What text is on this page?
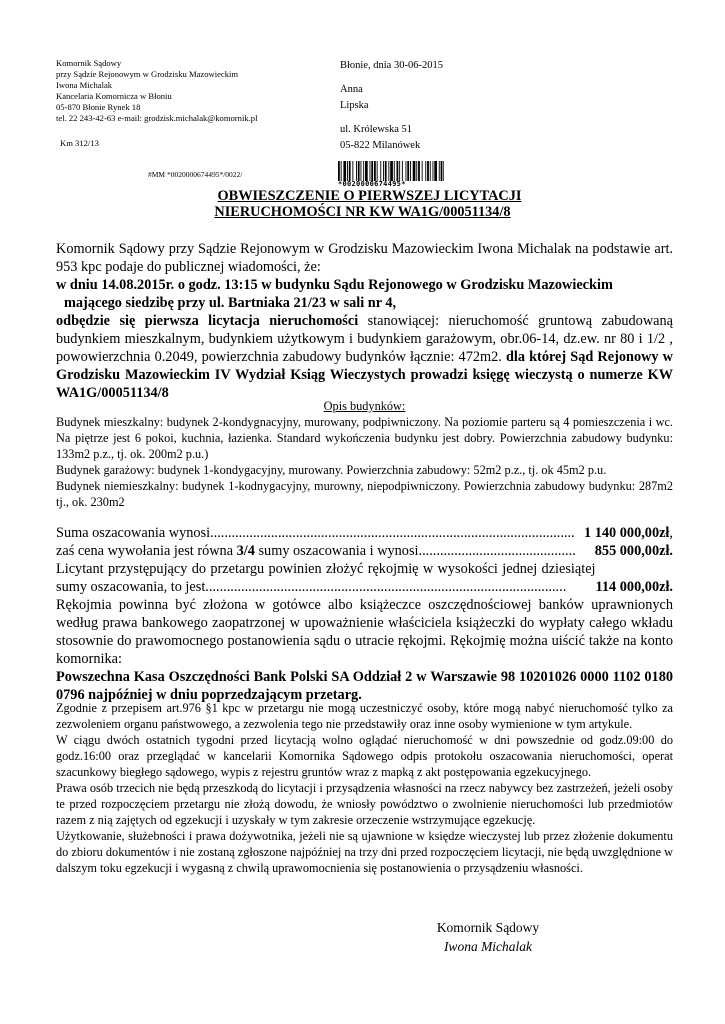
Komornik Sądowy
przy Sądzie Rejonowym w Grodzisku Mazowieckim
Iwona Michalak
Kancelaria Komornicza w Błoniu
05-870 Błonie Rynek 18
tel. 22 243-42-63 e-mail: grodzisk.michalak@komornik.pl
Km 312/13
Błonie, dnia 30-06-2015
Anna
Lipska
ul. Królewska 51
05-822 Milanówek
*0020000674495*
#MM *0020000674495*/0022/
OBWIESZCZENIE O PIERWSZEJ LICYTACJI
NIERUCHOMOŚCI NR KW WA1G/00051134/8

Komornik Sądowy przy Sądzie Rejonowym w Grodzisku Mazowieckim Iwona Michalak na podstawie art. 953 kpc podaje do publicznej wiadomości, że:

w dniu 14.08.2015r. o godz. 13:15 w budynku Sądu Rejonowego w Grodzisku Mazowieckim

mającego siedzibę przy ul. Bartniaka 21/23 w sali nr 4,

odbędzie się pierwsza licytacja nieruchomości stanowiącej: nieruchomość gruntową zabudowaną budynkiem mieszkalnym, budynkiem użytkowym i budynkiem garażowym, obr.06-14, dz.ew. nr 80 i 1/2 , powowierzchnia 0.2049, powierzchnia zabudowy budynków łącznie: 472m2. dla której Sąd Rejonowy w Grodzisku Mazowieckim IV Wydział Ksiąg Wieczystych prowadzi księgę wieczystą o numerze KW WA1G/00051134/8

Opis budynków:

Budynek mieszkalny: budynek 2-kondygnacyjny, murowany, podpiwniczony. Na poziomie parteru są 4 pomieszczenia i wc. Na piętrze jest 6 pokoi, kuchnia, łazienka. Standard wykończenia budynku jest dobry. Powierzchnia zabudowy budynku: 133m2 p.z., tj. ok. 200m2 p.u.)

Budynek garażowy: budynek 1-kondygacyjny, murowany. Powierzchnia zabudowy: 52m2 p.z., tj. ok 45m2 p.u.

Budynek niemieszkalny: budynek 1-kodnygacyjny, murowny, niepodpiwniczony. Powierzchnia zabudowy budynku: 287m2 tj., ok. 230m2

Suma oszacowania wynosi...................................................................................................... 1 140 000,00zł,

zaś cena wywołania jest równa 3/4 sumy oszacowania i wynosi............................................	855 000,00zł.

Licytant przystępujący do przetargu powinien złożyć rękojmię w wysokości jednej dziesiątej sumy oszacowania, to jest.....................................................................................................	114 000,00zł.

Rękojmia powinna być złożona w gotówce albo książeczce oszczędnościowej banków uprawnionych według prawa bankowego zaopatrzonej w upoważnienie właściciela książeczki do wypłaty całego wkładu stosownie do prawomocnego postanowienia sądu o utracie rękojmi. Rękojmię można uiścić także na konto komornika:

Powszechna Kasa Oszczędności Bank Polski SA Oddział 2 w Warszawie 98 10201026 0000 1102 0180 0796 najpóźniej w dniu poprzedzającym przetarg.

Zgodnie z przepisem art.976 §1 kpc w przetargu nie mogą uczestniczyć osoby, które mogą nabyć nieruchomość tylko za zezwoleniem organu państwowego, a zezwolenia tego nie przedstawiły oraz inne osoby wymienione w tym artykule.

W ciągu dwóch ostatnich tygodni przed licytacją wolno oglądać nieruchomość w dni powszednie od godz.09:00 do godz.16:00 oraz przeglądać w kancelarii Komornika Sądowego odpis protokołu oszacowania nieruchomości, operat szacunkowy biegłego sądowego, wypis z rejestru gruntów wraz z mapką z akt postępowania egzekucyjnego.

Prawa osób trzecich nie będą przeszkodą do licytacji i przysądzenia własności na rzecz nabywcy bez zastrzeżeń, jeżeli osoby te przed rozpoczęciem przetargu nie złożą dowodu, że wniosły powództwo o zwolnienie nieruchomości lub przedmiotów razem z nią zajętych od egzekucji i uzyskały w tym zakresie orzeczenie wstrzymujące egzekucję.

Użytkowanie, służebności i prawa dożywotnika, jeżeli nie są ujawnione w księdze wieczystej lub przez złożenie dokumentu do zbioru dokumentów i nie zostaną zgłoszone najpóźniej na trzy dni przed rozpoczęciem licytacji, nie będą uwzględnione w dalszym toku egzekucji i wygasną z chwilą uprawomocnienia się postanowienia o przysądzeniu własności.

Komornik Sądowy
Iwona Michalak
